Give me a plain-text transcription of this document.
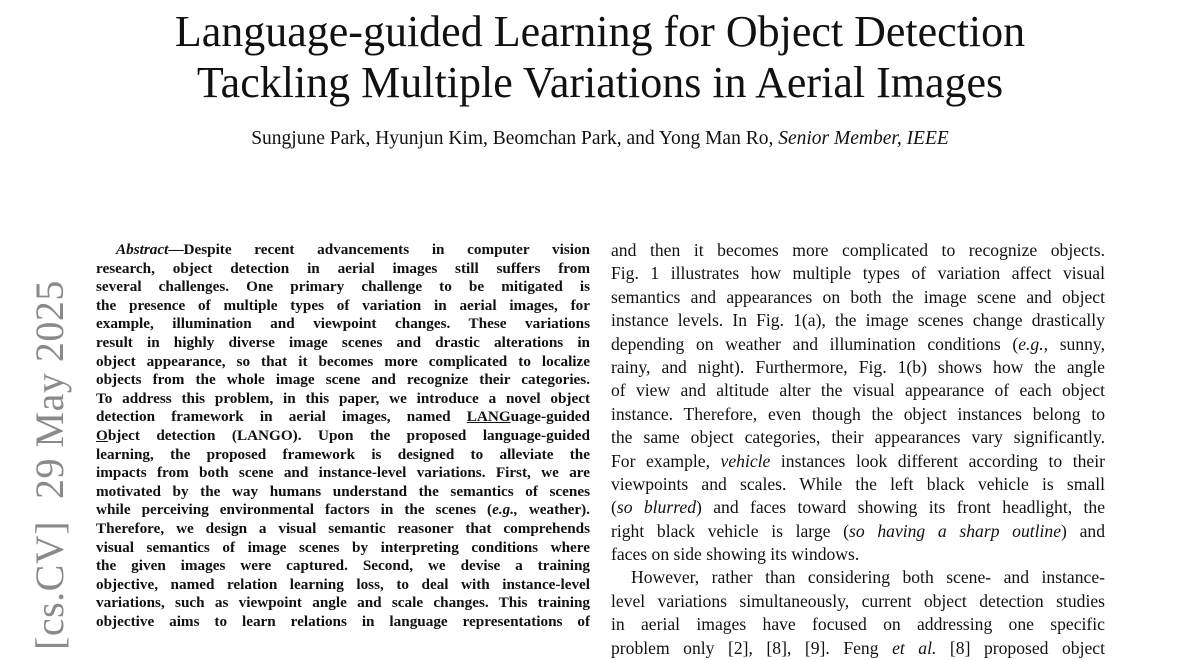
Language-guided Learning for Object Detection
Tackling Multiple Variations in Aerial Images
Sungjune Park, Hyunjun Kim, Beomchan Park, and Yong Man Ro, Senior Member, IEEE
[cs.CV]29 May 2025
Abstract—Despite recent advancements in computer vision
research, object detection in aerial images still suffers from
several challenges. One primary challenge to be mitigated is
the presence of multiple types of variation in aerial images, for
example, illumination and viewpoint changes. These variations
result in highly diverse image scenes and drastic alterations in
object appearance, so that it becomes more complicated to localize
objects from the whole image scene and recognize their categories.
To address this problem, in this paper, we introduce a novel object
detection framework in aerial images, named LANGuage-guided
Object detection (LANGO). Upon the proposed language-guided
learning, the proposed framework is designed to alleviate the
impacts from both scene and instance-level variations. First, we are
motivated by the way humans understand the semantics of scenes
while perceiving environmental factors in the scenes (e.g., weather).
Therefore, we design a visual semantic reasoner that comprehends
visual semantics of image scenes by interpreting conditions where
the given images were captured. Second, we devise a training
objective, named relation learning loss, to deal with instance-level
variations, such as viewpoint angle and scale changes. This training
objective aims to learn relations in language representations of
and then it becomes more complicated to recognize objects.
Fig. 1 illustrates how multiple types of variation affect visual
semantics and appearances on both the image scene and object
instance levels. In Fig. 1(a), the image scenes change drastically
depending on weather and illumination conditions (e.g., sunny,
rainy, and night). Furthermore, Fig. 1(b) shows how the angle
of view and altitude alter the visual appearance of each object
instance. Therefore, even though the object instances belong to
the same object categories, their appearances vary significantly.
For example, vehicle instances look different according to their
viewpoints and scales. While the left black vehicle is small
(so blurred) and faces toward showing its front headlight, the
right black vehicle is large (so having a sharp outline) and
faces on side showing its windows.
However, rather than considering both scene- and instance-
level variations simultaneously, current object detection studies
in aerial images have focused on addressing one specific
problem only [2], [8], [9]. Feng et al. [8] proposed object
